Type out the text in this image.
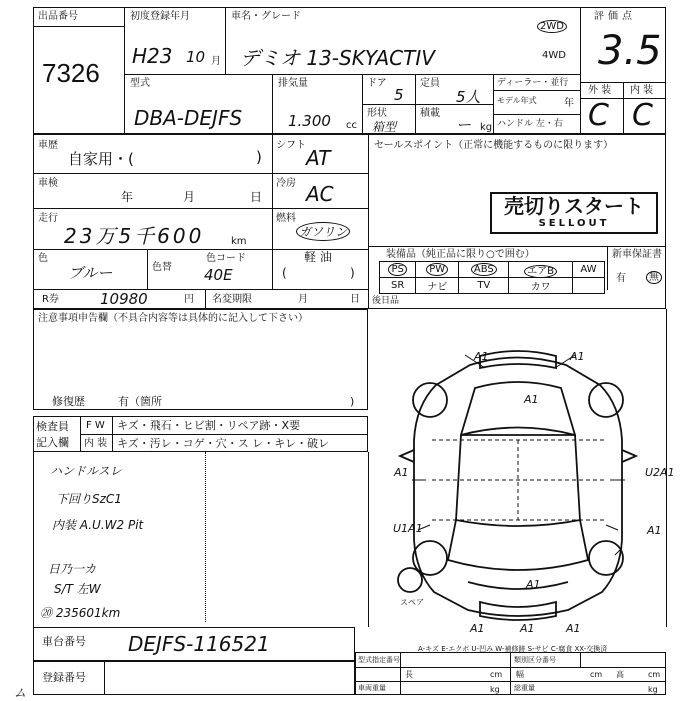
出品番号
7326
初度登録年月
H23 10 月
車名・グレード
デミオ 13-SKYACTIV
2WD
4WD
評価点
3.5
型式
DBA-DEJFS
排気量
1.300 cc
ドア
5
定員
5人
形状
箱型
積載
ー kg
ディーラー・並行
モデル年式	年
ハンドル 左・右
外 装 内 装
C C
車歴
自家用・(	)
シフト
AT
車検
年	月	日
冷房 AC
走行
23万5千600	km
燃料
ガソリン
軽 油
(	)
色
ブルー	色替
色コード
40E
R券	10980	円 名変期限	月	日
セールスポイント（正常に機能するものに限ります）
売切りスタート
SELLOUT
装備品（純正品に限り○で囲む）
PS	PW	ABS	エアB	AW
SR	ナビ	TV	カワ	
後日品
新車保証書
有	無
注意事項申告欄（不具合内容等は具体的に記入して下さい）
修復歴	有（箇所	)
検査員
記入欄
F W キズ・飛石・ヒビ割・リペア跡・X要
内 装 キズ・汚レ・コゲ・穴・ス レ・キレ・破レ
ハンドルスレ
下回りSzC1
内装 A.U.W2 Pit
日乃一カ
S/T 左W
⑳ 235601km
A1	A1
A1
A1	U2A1
U1A1	A1
A1
A1	A1	A1
スペア
A-キズ E-エクボ U-凹み W-補修跡 S-サビ C-腐食 XX-交換済
車台番号 DEJFS-116521
登録番号
型式指定番号	類別区分番号
長	cm 幅	cm 高	cm
車両重量	kg 総重量	kg
ム
